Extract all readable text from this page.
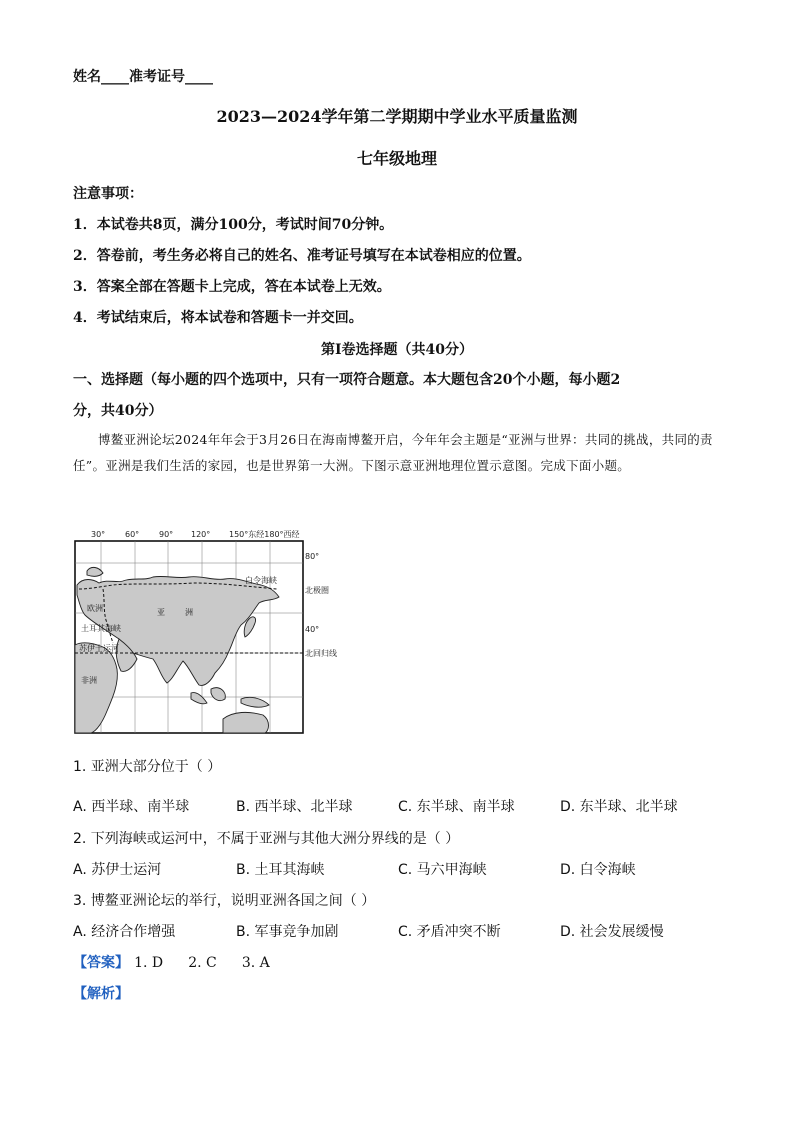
姓名____准考证号____
2023—2024学年第二学期期中学业水平质量监测
七年级地理
注意事项：
1．本试卷共8页，满分100分，考试时间70分钟。
2．答卷前，考生务必将自己的姓名、准考证号填写在本试卷相应的位置。
3．答案全部在答题卡上完成，答在本试卷上无效。
4．考试结束后，将本试卷和答题卡一并交回。
第Ⅰ卷选择题（共40分）
一、选择题（每小题的四个选项中，只有一项符合题意。本大题包含20个小题，每小题2
分，共40分）
博鳌亚洲论坛2024年年会于3月26日在海南博鳌开启，今年年会主题是“亚洲与世界：共同的挑战，共同的责任”。亚洲是我们生活的家园，也是世界第一大洲。下图示意亚洲地理位置示意图。完成下面小题。
30° 60° 90° 120° 150°东经180°西经
80°
北极圈
40°
北回归线
欧洲	亚	洲
土耳其海峡
苏伊士运河
非洲
白令海峡
1. 亚洲大部分位于（ ）
A. 西半球、南半球	B. 西半球、北半球	C. 东半球、南半球	D. 东半球、北半球
2. 下列海峡或运河中，不属于亚洲与其他大洲分界线的是（ ）
A. 苏伊士运河	B. 土耳其海峡	C. 马六甲海峡	D. 白令海峡
3. 博鳌亚洲论坛的举行，说明亚洲各国之间（ ）
A. 经济合作增强	B. 军事竞争加剧	C. 矛盾冲突不断	D. 社会发展缓慢
【答案】 1. D 2. C 3. A
【解析】
